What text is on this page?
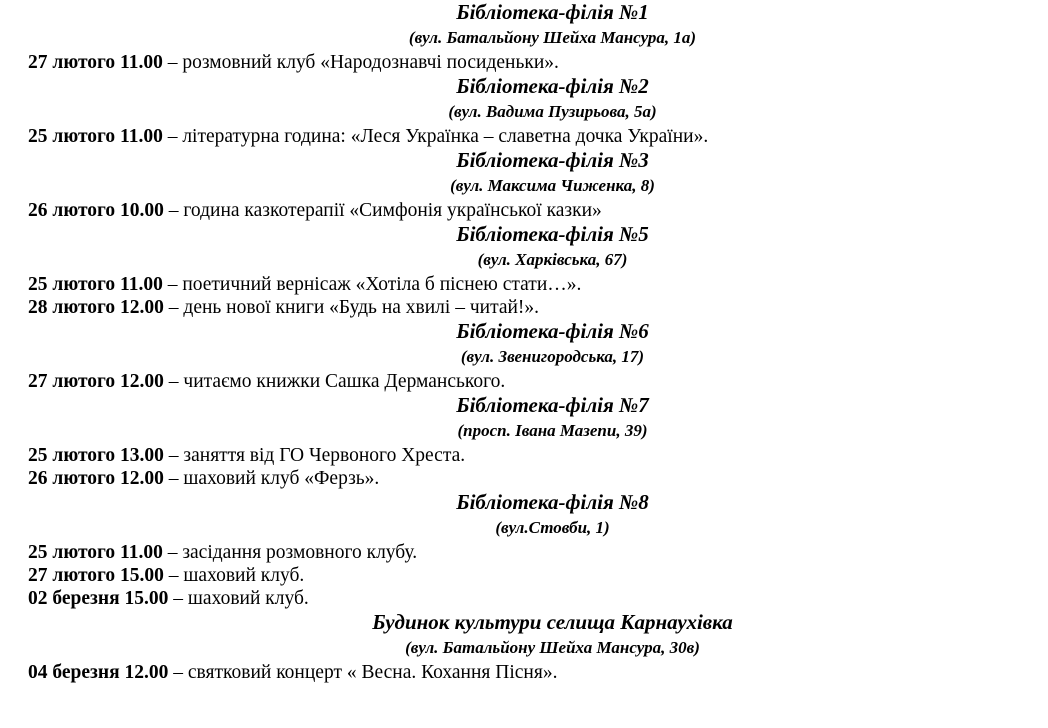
Бібліотека-філія №1
(вул. Батальйону Шейха Мансура, 1а)
27 лютого 11.00 – розмовний клуб «Народознавчі посиденьки».
Бібліотека-філія №2
(вул. Вадима Пузирьова, 5а)
25 лютого 11.00 – літературна година: «Леся Українка – славетна дочка України».
Бібліотека-філія №3
(вул. Максима Чиженка, 8)
26 лютого 10.00 – година казкотерапії «Симфонія української казки»
Бібліотека-філія №5
(вул. Харківська, 67)
25 лютого 11.00 – поетичний вернісаж «Хотіла б піснею стати…».
28 лютого 12.00 – день нової книги «Будь на хвилі – читай!».
Бібліотека-філія №6
(вул. Звенигородська, 17)
27 лютого 12.00 – читаємо книжки Сашка Дерманського.
Бібліотека-філія №7
(просп. Івана Мазепи, 39)
25 лютого 13.00 – заняття від ГО Червоного Хреста.
26 лютого 12.00 – шаховий клуб «Ферзь».
Бібліотека-філія №8
(вул.Стовби, 1)
25 лютого 11.00 – засідання розмовного клубу.
27 лютого 15.00 – шаховий клуб.
02 березня 15.00 – шаховий клуб.
Будинок культури селища Карнаухівка
(вул. Батальйону Шейха Мансура, 30в)
04 березня 12.00 – святковий концерт « Весна. Кохання Пісня».
